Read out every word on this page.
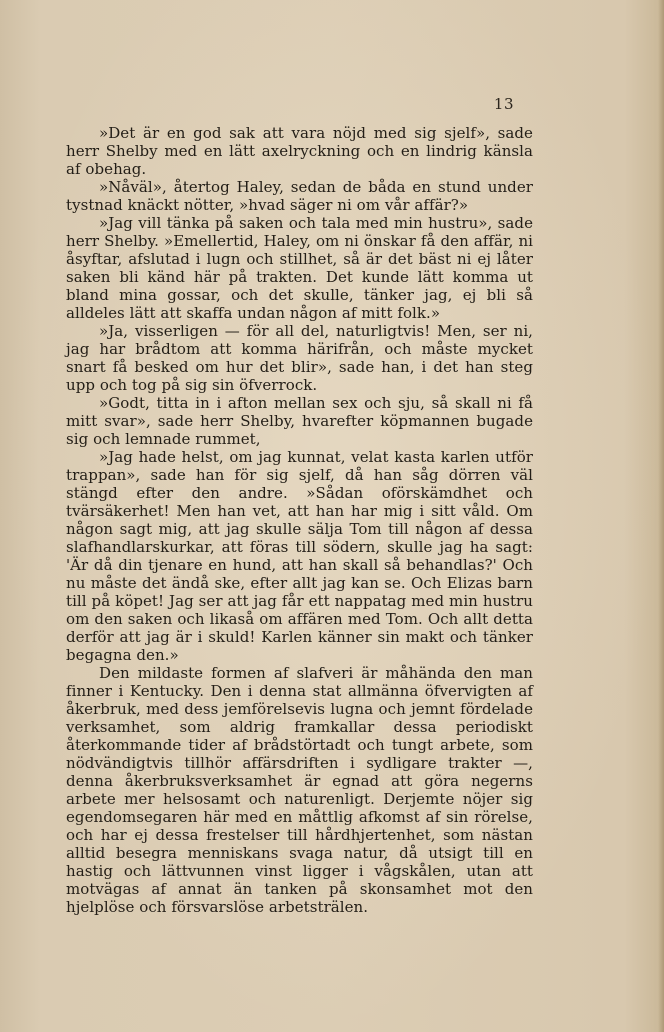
13

»Det är en god sak att vara nöjd med sig sjelf», sade herr Shelby med en lätt axelryckning och en lindrig känsla af obehag.

»Nåväl», återtog Haley, sedan de båda en stund under tystnad knäckt nötter, »hvad säger ni om vår affär?»

»Jag vill tänka på saken och tala med min hustru», sade herr Shelby. »Emellertid, Haley, om ni önskar få den affär, ni åsyftar, afslutad i lugn och stillhet, så är det bäst ni ej låter saken bli känd här på trakten. Det kunde lätt komma ut bland mina gossar, och det skulle, tänker jag, ej bli så alldeles lätt att skaffa undan någon af mitt folk.»

»Ja, visserligen — för all del, naturligtvis! Men, ser ni, jag har brådtom att komma härifrån, och måste mycket snart få besked om hur det blir», sade han, i det han steg upp och tog på sig sin öfverrock.

»Godt, titta in i afton mellan sex och sju, så skall ni få mitt svar», sade herr Shelby, hvarefter köpmannen bugade sig och lemnade rummet,

»Jag hade helst, om jag kunnat, velat kasta karlen utför trappan», sade han för sig sjelf, då han såg dörren väl stängd efter den andre. »Sådan oförskämdhet och tvärsäkerhet! Men han vet, att han har mig i sitt våld. Om någon sagt mig, att jag skulle sälja Tom till någon af dessa slafhandlarskurkar, att föras till södern, skulle jag ha sagt: 'Är då din tjenare en hund, att han skall så behandlas?' Och nu måste det ändå ske, efter allt jag kan se. Och Elizas barn till på köpet! Jag ser att jag får ett nappatag med min hustru om den saken och likaså om affären med Tom. Och allt detta derför att jag är i skuld! Karlen känner sin makt och tänker begagna den.»

Den mildaste formen af slafveri är måhända den man finner i Kentucky. Den i denna stat allmänna öfvervigten af åkerbruk, med dess jemförelsevis lugna och jemnt fördelade verksamhet, som aldrig framkallar dessa periodiskt återkommande tider af brådstörtadt och tungt arbete, som nödvändigtvis tillhör affärsdriften i sydligare trakter —, denna åkerbruksverksamhet är egnad att göra negerns arbete mer helsosamt och naturenligt. Derjemte nöjer sig egendomsegaren här med en måttlig afkomst af sin rörelse, och har ej dessa frestelser till hårdhjertenhet, som nästan alltid besegra menniskans svaga natur, då utsigt till en hastig och lättvunnen vinst ligger i vågskålen, utan att motvägas af annat än tanken på skonsamhet mot den hjelplöse och försvarslöse arbetsträlen.
